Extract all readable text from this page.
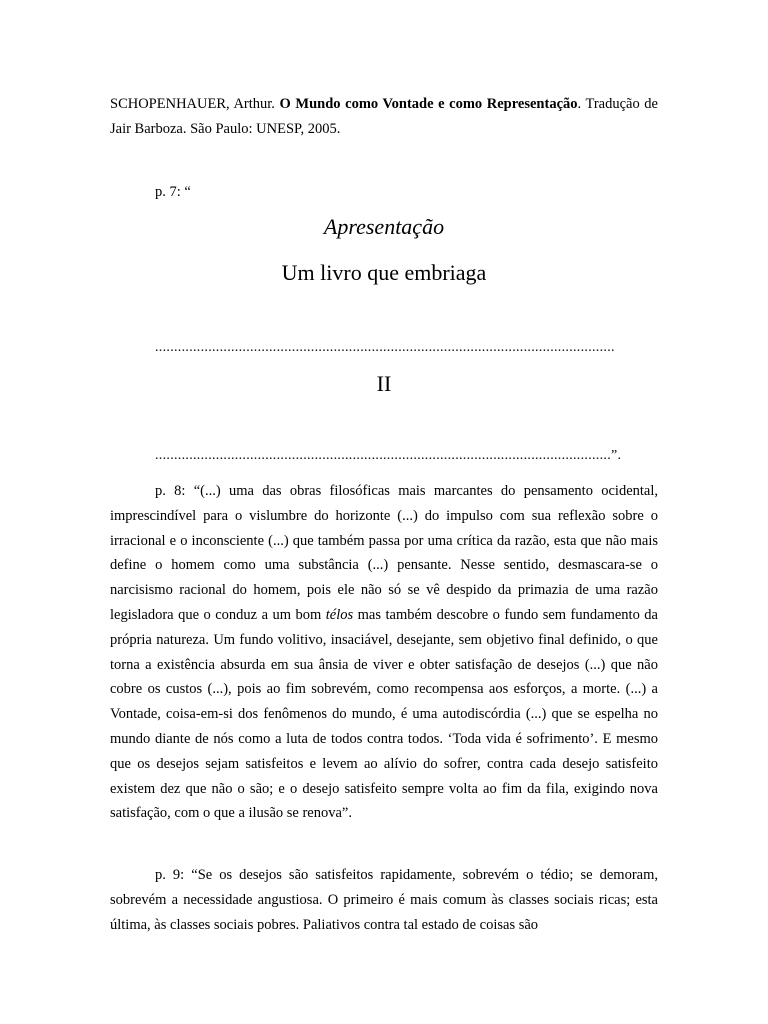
SCHOPENHAUER, Arthur. O Mundo como Vontade e como Representação. Tradução de Jair Barboza. São Paulo: UNESP, 2005.
p. 7: “
Apresentação
Um livro que embriaga
.........................................................................................................................
II
........................................................................................................................”.

p. 8: “(...) uma das obras filosóficas mais marcantes do pensamento ocidental, imprescindível para o vislumbre do horizonte (...) do impulso com sua reflexão sobre o irracional e o inconsciente (...) que também passa por uma crítica da razão, esta que não mais define o homem como uma substância (...) pensante. Nesse sentido, desmascara-se o narcisismo racional do homem, pois ele não só se vê despido da primazia de uma razão legisladora que o conduz a um bom télos mas também descobre o fundo sem fundamento da própria natureza. Um fundo volitivo, insaciável, desejante, sem objetivo final definido, o que torna a existência absurda em sua ânsia de viver e obter satisfação de desejos (...) que não cobre os custos (...), pois ao fim sobrevém, como recompensa aos esforços, a morte. (...) a Vontade, coisa-em-si dos fenômenos do mundo, é uma autodiscórdia (...) que se espelha no mundo diante de nós como a luta de todos contra todos. ‘Toda vida é sofrimento’. E mesmo que os desejos sejam satisfeitos e levem ao alívio do sofrer, contra cada desejo satisfeito existem dez que não o são; e o desejo satisfeito sempre volta ao fim da fila, exigindo nova satisfação, com o que a ilusão se renova”.

p. 9: “Se os desejos são satisfeitos rapidamente, sobrevém o tédio; se demoram, sobrevém a necessidade angustiosa. O primeiro é mais comum às classes sociais ricas; esta última, às classes sociais pobres. Paliativos contra tal estado de coisas são
